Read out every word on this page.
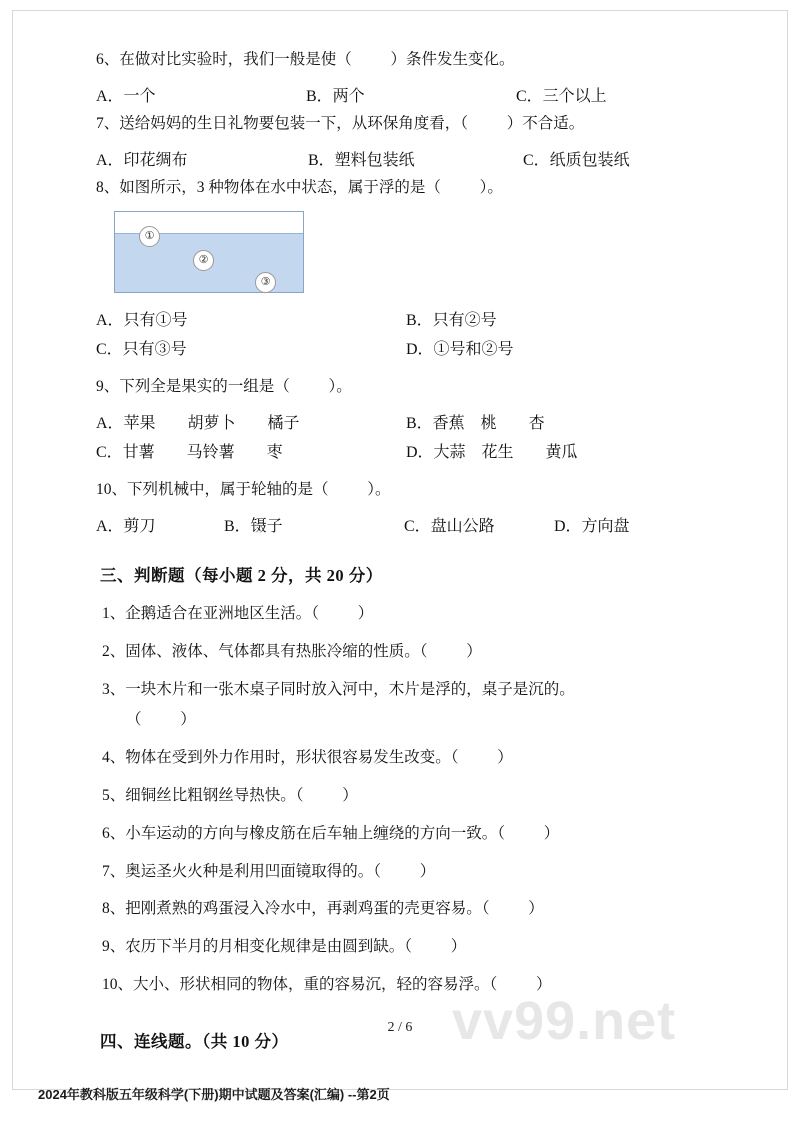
6、在做对比实验时，我们一般是使（          ）条件发生变化。

A．一个	B．两个	C．三个以上

7、送给妈妈的生日礼物要包装一下，从环保角度看，（          ）不合适。

A．印花绸布	B．塑料包装纸	C．纸质包装纸

8、如图所示，3 种物体在水中状态，属于浮的是（          ）。

①
②
③
A．只有①号	B．只有②号
C．只有③号	D．①号和②号

9、下列全是果实的一组是（          ）。

A．苹果　　胡萝卜　　橘子	B．香蕉　桃　　杏
C．甘薯　　马铃薯　　枣	D．大蒜　花生　　黄瓜

10、下列机械中，属于轮轴的是（          ）。

A．剪刀	B．镊子	C．盘山公路	D．方向盘
三、判断题（每小题 2 分，共 20 分）

1、企鹅适合在亚洲地区生活。（          ）

2、固体、液体、气体都具有热胀冷缩的性质。（          ）

3、一块木片和一张木桌子同时放入河中，木片是浮的，桌子是沉的。

（          ）

4、物体在受到外力作用时，形状很容易发生改变。（          ）

5、细铜丝比粗钢丝导热快。（          ）

6、小车运动的方向与橡皮筋在后车轴上缠绕的方向一致。（          ）

7、奥运圣火火种是利用凹面镜取得的。（          ）

8、把刚煮熟的鸡蛋浸入冷水中，再剥鸡蛋的壳更容易。（          ）

9、农历下半月的月相变化规律是由圆到缺。（          ）

10、大小、形状相同的物体，重的容易沉，轻的容易浮。（          ）

四、连线题。（共 10 分）	vv99.net
2 / 6
2024年教科版五年级科学(下册)期中试题及答案(汇编) --第2页
